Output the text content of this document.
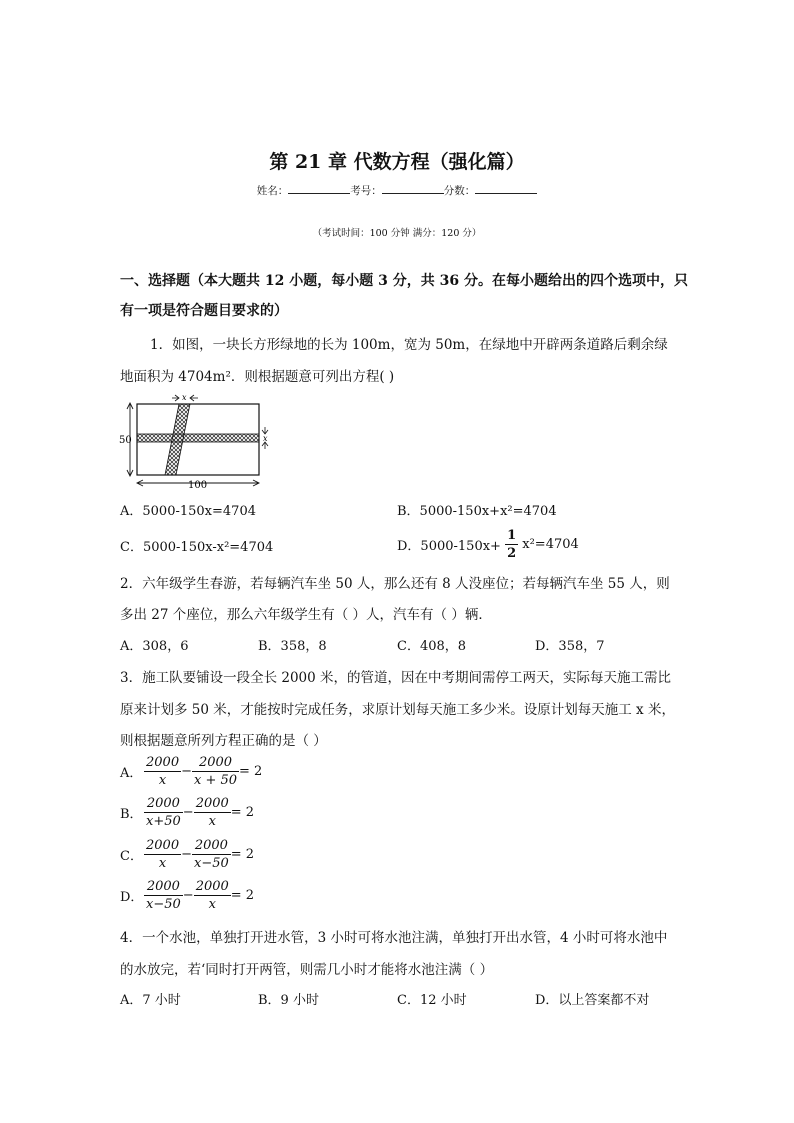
第 21 章 代数方程（强化篇）
姓名：	考号：	分数：
（考试时间：100 分钟 满分：120 分）
一、选择题（本大题共 12 小题，每小题 3 分，共 36 分。在每小题给出的四个选项中，只
有一项是符合题目要求的）
1．如图，一块长方形绿地的长为 100m，宽为 50m，在绿地中开辟两条道路后剩余绿
地面积为 4704m²．则根据题意可列出方程( )
x
x
50
100
A．5000-150x=4704	B．5000-150x+x²=4704
C．5000-150x-x²=4704	D．$5000-150x+ \frac{1}{2} x^2=4704$
2．六年级学生春游，若每辆汽车坐 50 人，那么还有 8 人没座位；若每辆汽车坐 55 人，则
多出 27 个座位，那么六年级学生有（ ）人，汽车有（ ）辆．
A．308，6	B．358，8	C．408，8	D．358，7
3．施工队要铺设一段全长 2000 米，的管道，因在中考期间需停工两天，实际每天施工需比
原来计划多 50 米，才能按时完成任务，求原计划每天施工多少米。设原计划每天施工 x 米，
则根据题意所列方程正确的是（ ）
A． $\frac{2000}{x} - \frac{2000}{x + 50} = 2$
B． $\frac{2000}{x+50} - \frac{2000}{x} = 2$
C． $\frac{2000}{x} - \frac{2000}{x-50} = 2$
D． $\frac{2000}{x-50} - \frac{2000}{x} = 2$
4．一个水池，单独打开进水管，3 小时可将水池注满，单独打开出水管，4 小时可将水池中
的水放完，若‘同时打开两管，则需几小时才能将水池注满（ ）
A．7 小时	B．9 小时	C．12 小时	D．以上答案都不对
